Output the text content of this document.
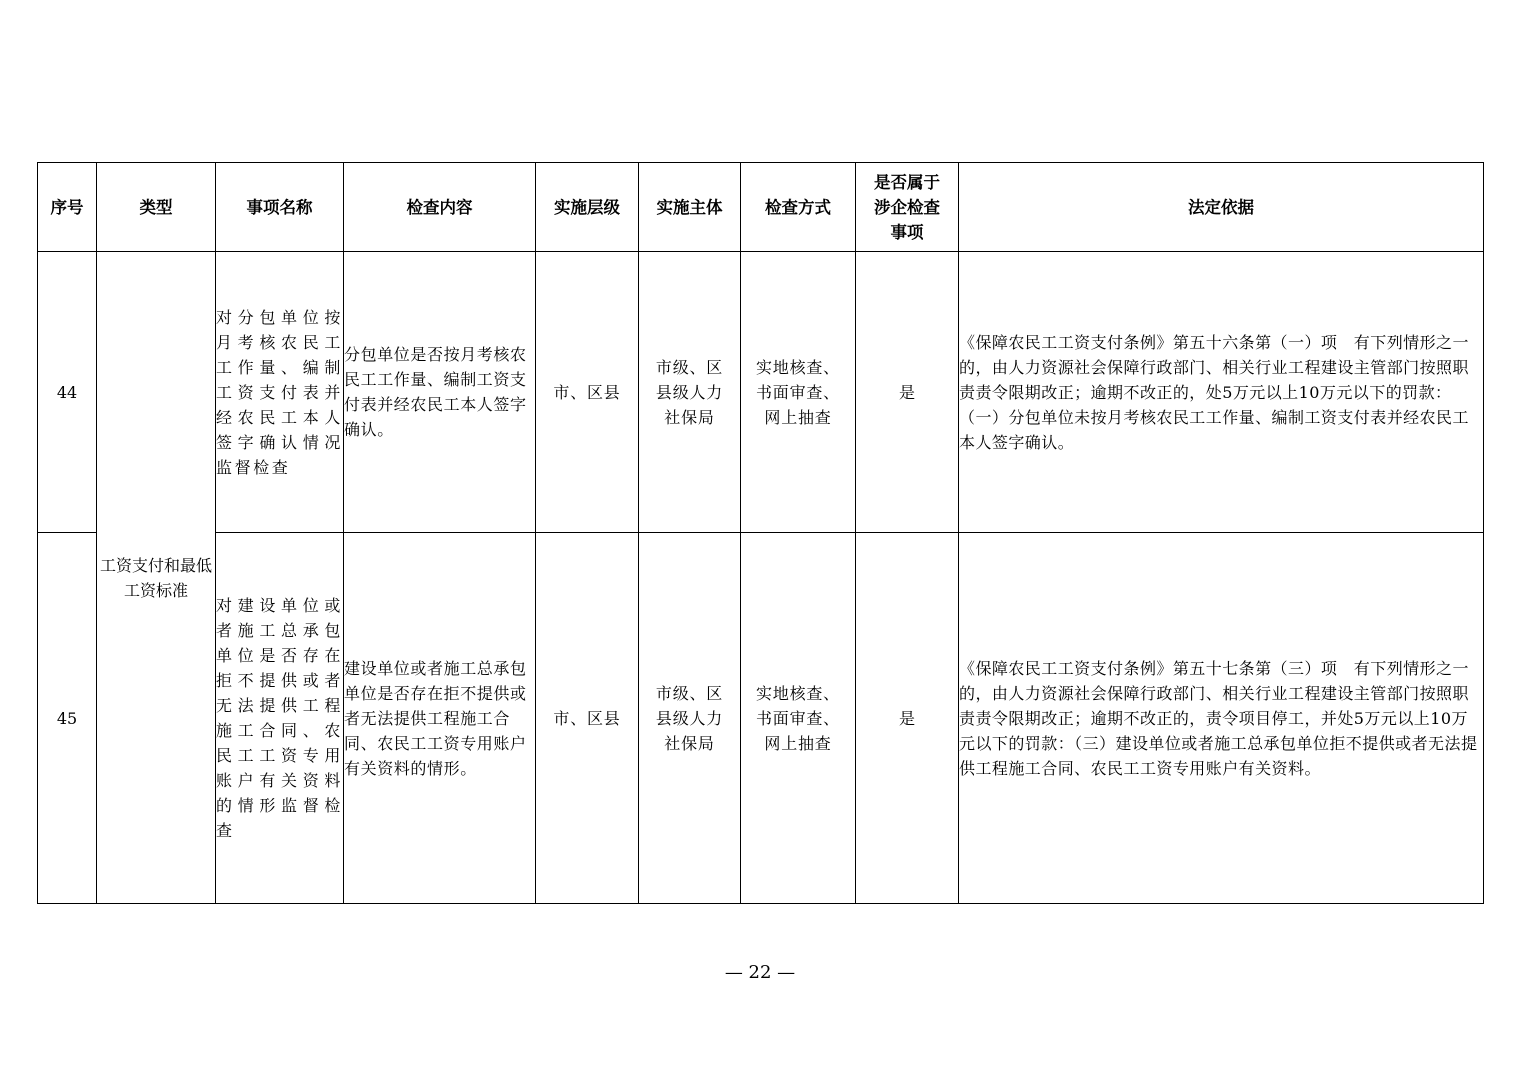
序号	类型	事项名称	检查内容	实施层级	实施主体	检查方式	是否属于涉企检查事项	法定依据
44	工资支付和最低工资标准	对分包单位按月考核农民工工作量、编制工资支付表并经农民工本人签字确认情况监督检查	分包单位是否按月考核农民工工作量、编制工资支付表并经农民工本人签字确认。	市、区县	市级、区县级人力社保局	实地核查、书面审查、网上抽查	是	《保障农民工工资支付条例》第五十六条第（一）项　有下列情形之一的，由人力资源社会保障行政部门、相关行业工程建设主管部门按照职责责令限期改正；逾期不改正的，处5万元以上10万元以下的罚款：（一）分包单位未按月考核农民工工作量、编制工资支付表并经农民工本人签字确认。
45		对建设单位或者施工总承包单位是否存在拒不提供或者无法提供工程施工合同、农民工工资专用账户有关资料的情形监督检查	建设单位或者施工总承包单位是否存在拒不提供或者无法提供工程施工合同、农民工工资专用账户有关资料的情形。	市、区县	市级、区县级人力社保局	实地核查、书面审查、网上抽查	是	《保障农民工工资支付条例》第五十七条第（三）项　有下列情形之一的，由人力资源社会保障行政部门、相关行业工程建设主管部门按照职责责令限期改正；逾期不改正的，责令项目停工，并处5万元以上10万元以下的罚款：（三）建设单位或者施工总承包单位拒不提供或者无法提供工程施工合同、农民工工资专用账户有关资料。
— 22 —
